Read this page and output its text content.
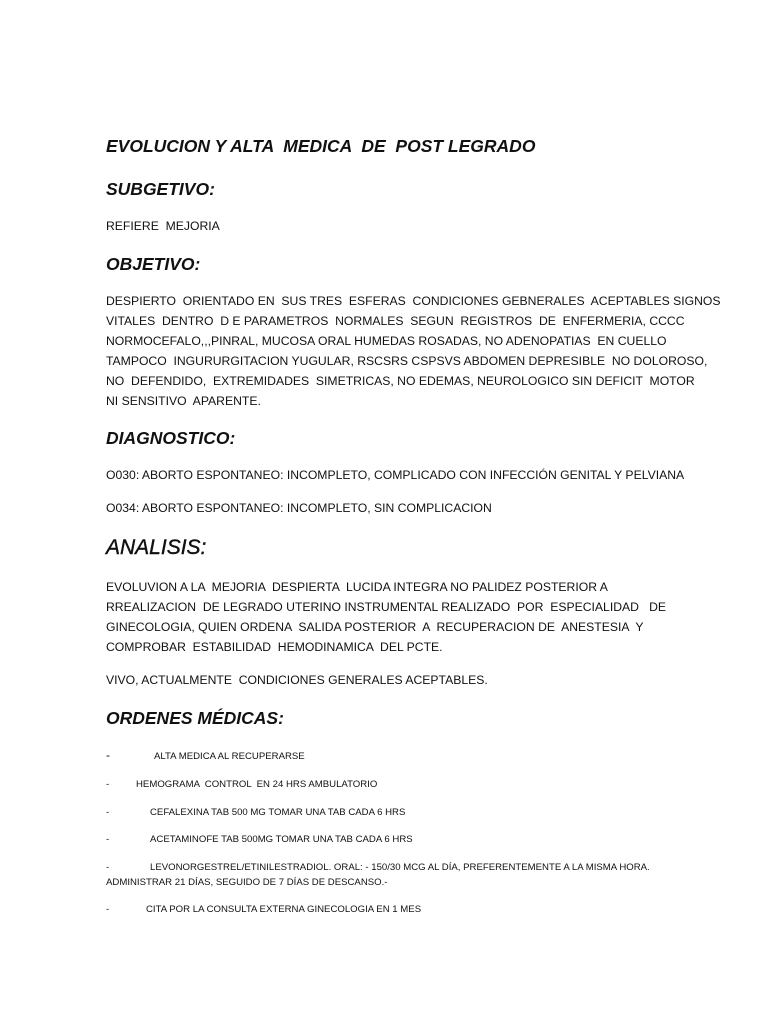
EVOLUCION Y ALTA  MEDICA  DE  POST LEGRADO
SUBGETIVO:
REFIERE  MEJORIA
OBJETIVO:
DESPIERTO  ORIENTADO EN  SUS TRES  ESFERAS  CONDICIONES GEBNERALES  ACEPTABLES SIGNOS
VITALES  DENTRO  D E PARAMETROS  NORMALES  SEGUN  REGISTROS  DE  ENFERMERIA, CCCC
NORMOCEFALO,,,PINRAL, MUCOSA ORAL HUMEDAS ROSADAS, NO ADENOPATIAS  EN CUELLO
TAMPOCO  INGURURGITACION YUGULAR, RSCSRS CSPSVS ABDOMEN DEPRESIBLE  NO DOLOROSO,
NO  DEFENDIDO,  EXTREMIDADES  SIMETRICAS, NO EDEMAS, NEUROLOGICO SIN DEFICIT  MOTOR
NI SENSITIVO  APARENTE.
DIAGNOSTICO:
O030: ABORTO ESPONTANEO: INCOMPLETO, COMPLICADO CON INFECCIÓN GENITAL Y PELVIANA
O034: ABORTO ESPONTANEO: INCOMPLETO, SIN COMPLICACION
ANALISIS:
EVOLUVION A LA  MEJORIA  DESPIERTA  LUCIDA INTEGRA NO PALIDEZ POSTERIOR A
RREALIZACION  DE LEGRADO UTERINO INSTRUMENTAL REALIZADO  POR  ESPECIALIDAD   DE
GINECOLOGIA, QUIEN ORDENA  SALIDA POSTERIOR  A  RECUPERACION DE  ANESTESIA  Y
COMPROBAR  ESTABILIDAD  HEMODINAMICA  DEL PCTE.
VIVO, ACTUALMENTE  CONDICIONES GENERALES ACEPTABLES.
ORDENES MÉDICAS:
-	ALTA MEDICA AL RECUPERARSE
-	HEMOGRAMA  CONTROL  EN 24 HRS AMBULATORIO
-	CEFALEXINA TAB 500 MG TOMAR UNA TAB CADA 6 HRS
-	ACETAMINOFE TAB 500MG TOMAR UNA TAB CADA 6 HRS
-	LEVONORGESTREL/ETINILESTRADIOL. ORAL: - 150/30 MCG AL DÍA, PREFERENTEMENTE A LA MISMA HORA. ADMINISTRAR 21 DÍAS, SEGUIDO DE 7 DÍAS DE DESCANSO.-
-	CITA POR LA CONSULTA EXTERNA GINECOLOGIA EN 1 MES
